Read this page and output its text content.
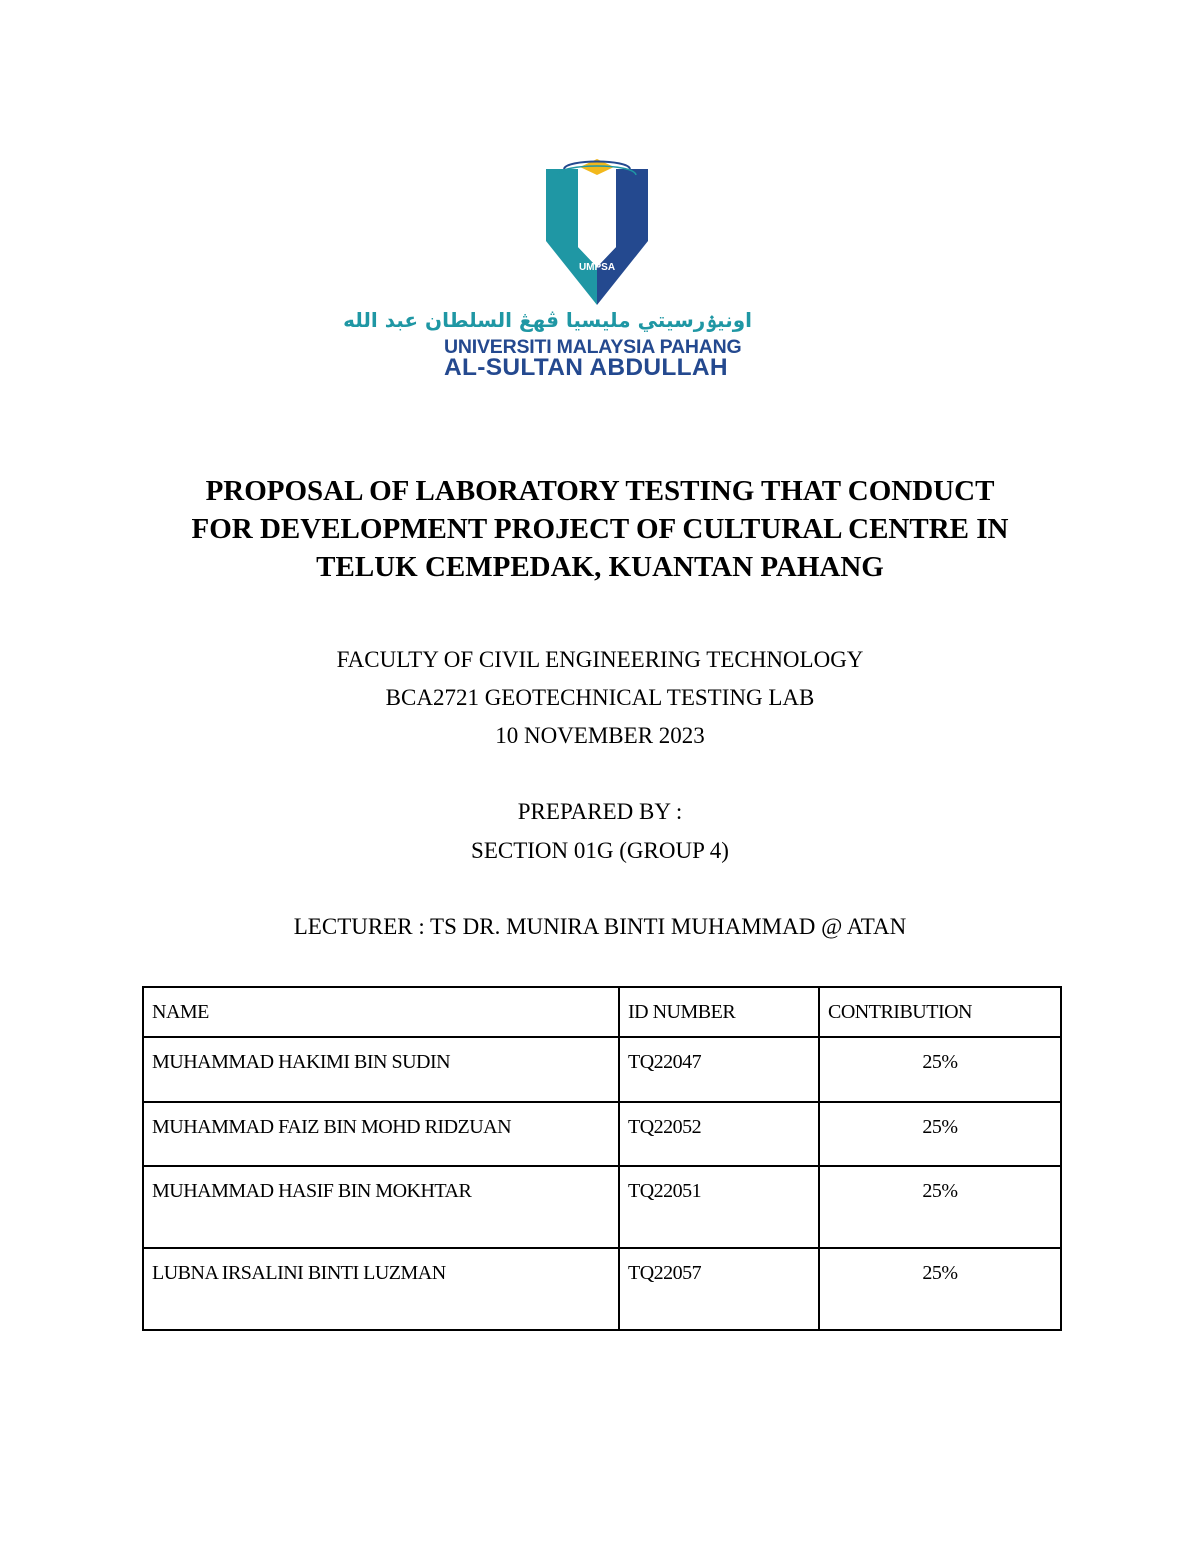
UMPSA
اونيۏرسيتي مليسيا ڤهڠ السلطان عبد الله
UNIVERSITI MALAYSIA PAHANG
AL-SULTAN ABDULLAH
PROPOSAL OF LABORATORY TESTING THAT CONDUCT
FOR DEVELOPMENT PROJECT OF CULTURAL CENTRE IN
TELUK CEMPEDAK, KUANTAN PAHANG
FACULTY OF CIVIL ENGINEERING TECHNOLOGY
BCA2721 GEOTECHNICAL TESTING LAB
10 NOVEMBER 2023
PREPARED BY :
SECTION 01G (GROUP 4)
LECTURER : TS DR. MUNIRA BINTI MUHAMMAD @ ATAN
NAME	ID NUMBER	CONTRIBUTION
MUHAMMAD HAKIMI BIN SUDIN	TQ22047	25%
MUHAMMAD FAIZ BIN MOHD RIDZUAN	TQ22052	25%
MUHAMMAD HASIF BIN MOKHTAR	TQ22051	25%
LUBNA IRSALINI BINTI LUZMAN	TQ22057	25%
